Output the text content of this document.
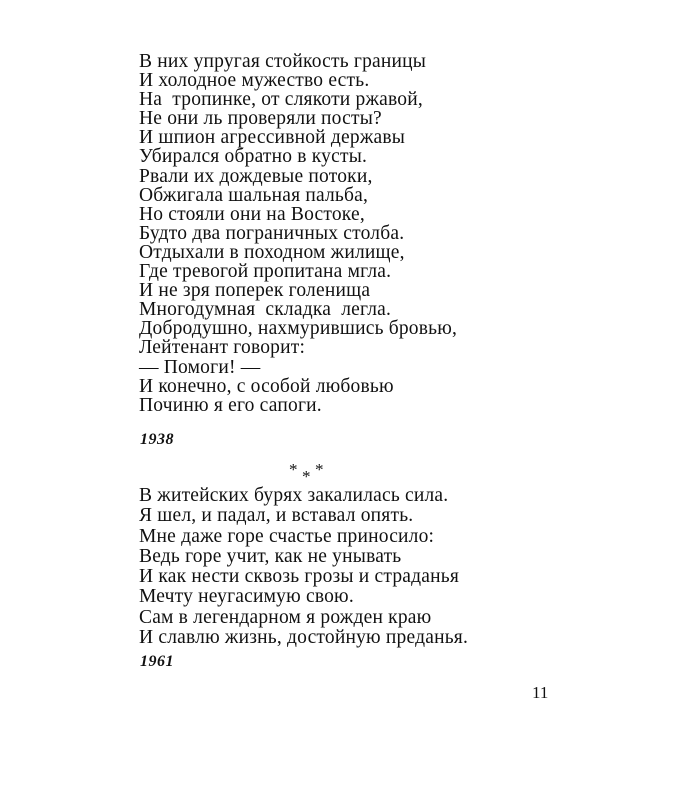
В них упругая стойкость границы
И холодное мужество есть.
На  тропинке, от слякоти ржавой,
Не они ль проверяли посты?
И шпион агрессивной державы
Убирался обратно в кусты.
Рвали их дождевые потоки,
Обжигала шальная пальба,
Но стояли они на Востоке,
Будто два пограничных столба.
Отдыхали в походном жилище,
Где тревогой пропитана мгла.
И не зря поперек голенища
Многодумная  складка  легла.
Добродушно, нахмурившись бровью,
Лейтенант говорит:
— Помоги! —
И конечно, с особой любовью
Починю я его сапоги.
1938
* * *
В житейских бурях закалилась сила.
Я шел, и падал, и вставал опять.
Мне даже горе счастье приносило:
Ведь горе учит, как не унывать
И как нести сквозь грозы и страданья
Мечту неугасимую свою.
Сам в легендарном я рожден краю
И славлю жизнь, достойную преданья.
1961
11
